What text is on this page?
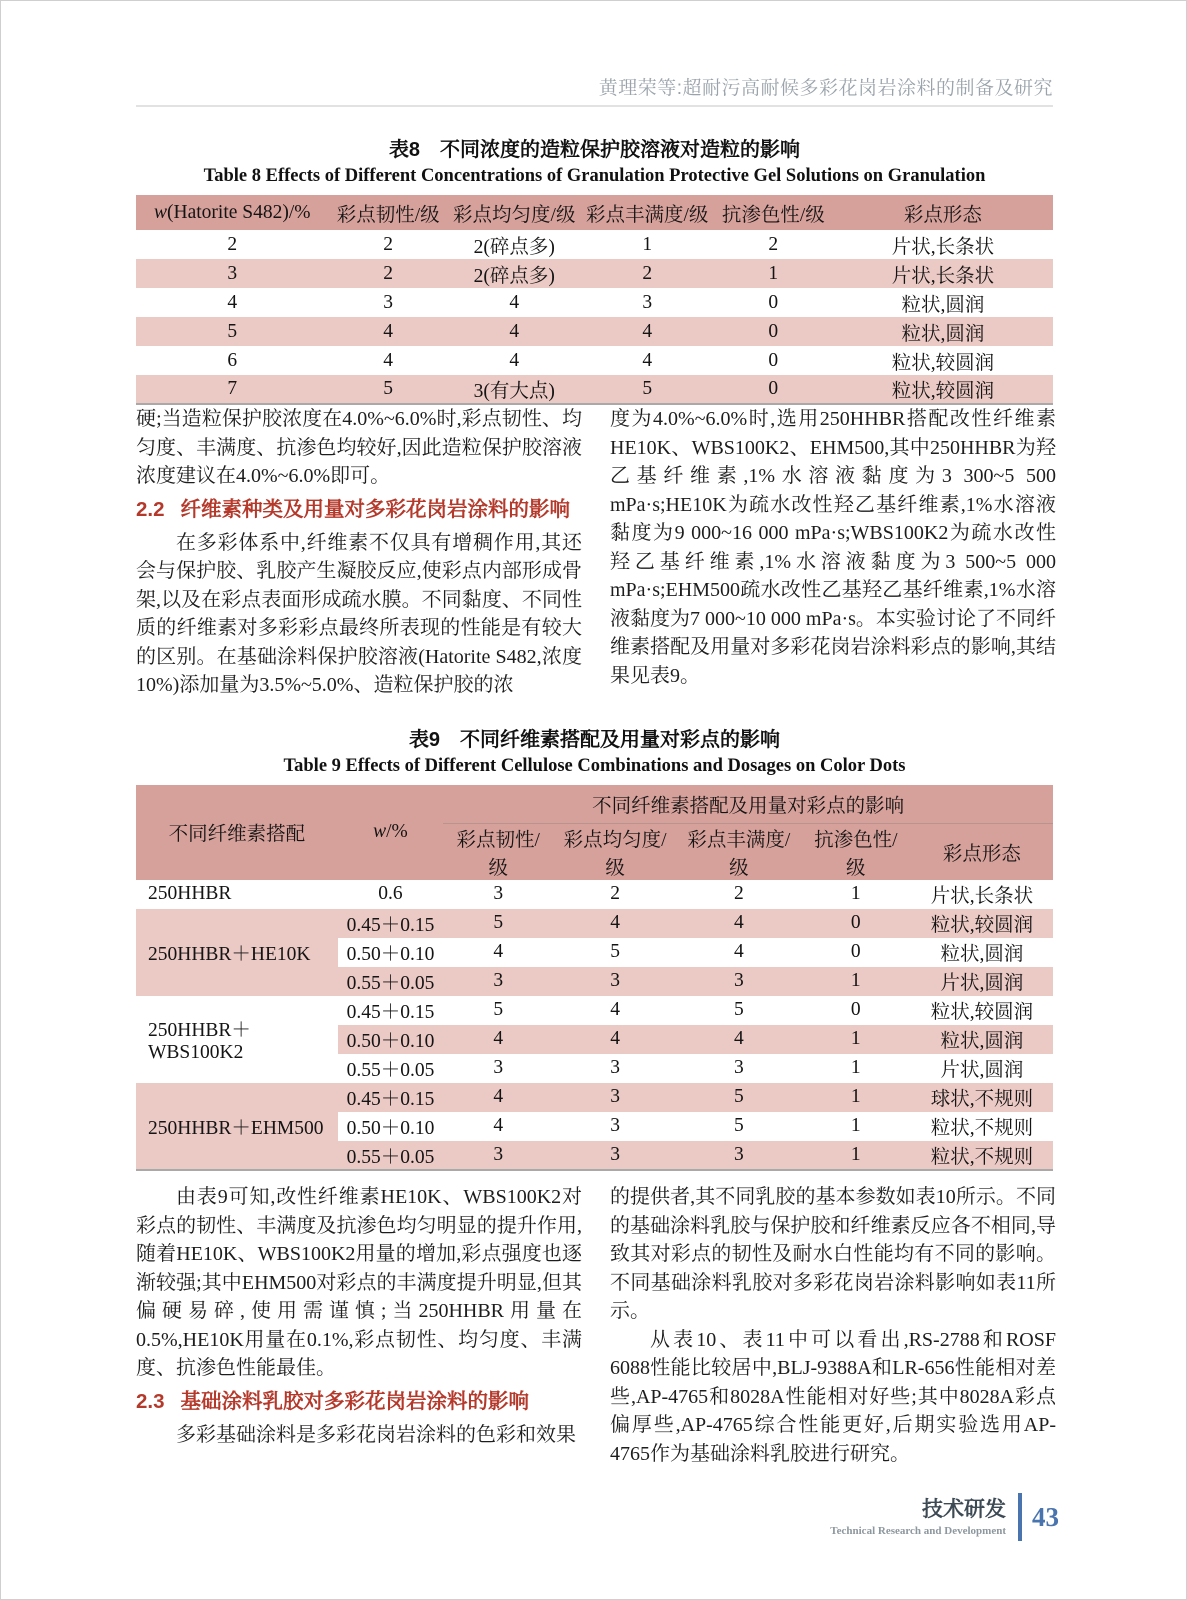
黄理荣等:超耐污高耐候多彩花岗岩涂料的制备及研究
表8　不同浓度的造粒保护胶溶液对造粒的影响
Table 8 Effects of Different Concentrations of Granulation Protective Gel Solutions on Granulation
w(Hatorite S482)/%	彩点韧性/级	彩点均匀度/级	彩点丰满度/级	抗渗色性/级	彩点形态
2	2	2(碎点多)	1	2	片状,长条状
3	2	2(碎点多)	2	1	片状,长条状
4	3	4	3	0	粒状,圆润
5	4	4	4	0	粒状,圆润
6	4	4	4	0	粒状,较圆润
7	5	3(有大点)	5	0	粒状,较圆润

硬;当造粒保护胶浓度在4.0%~6.0%时,彩点韧性、均匀度、丰满度、抗渗色均较好,因此造粒保护胶溶液浓度建议在4.0%~6.0%即可。

2.2 纤维素种类及用量对多彩花岗岩涂料的影响

在多彩体系中,纤维素不仅具有增稠作用,其还会与保护胶、乳胶产生凝胶反应,使彩点内部形成骨架,以及在彩点表面形成疏水膜。不同黏度、不同性质的纤维素对多彩彩点最终所表现的性能是有较大的区别。在基础涂料保护胶溶液(Hatorite S482,浓度10%)添加量为3.5%~5.0%、造粒保护胶的浓

度为4.0%~6.0%时,选用250HHBR搭配改性纤维素HE10K、WBS100K2、EHM500,其中250HHBR为羟乙基纤维素,1%水溶液黏度为3 300~5 500 mPa·s;HE10K为疏水改性羟乙基纤维素,1%水溶液黏度为9 000~16 000 mPa·s;WBS100K2为疏水改性羟乙基纤维素,1%水溶液黏度为3 500~5 000 mPa·s;EHM500疏水改性乙基羟乙基纤维素,1%水溶液黏度为7 000~10 000 mPa·s。本实验讨论了不同纤维素搭配及用量对多彩花岗岩涂料彩点的影响,其结果见表9。

表9　不同纤维素搭配及用量对彩点的影响
Table 9 Effects of Different Cellulose Combinations and Dosages on Color Dots
不同纤维素搭配	w/%	不同纤维素搭配及用量对彩点的影响				
		彩点韧性/级	彩点均匀度/级	彩点丰满度/级	抗渗色性/级	彩点形态
250HHBR	0.6	3	2	2	1	片状,长条状
250HHBR＋HE10K	0.45＋0.15	5	4	4	0	粒状,较圆润
	0.50＋0.10	4	5	4	0	粒状,圆润
	0.55＋0.05	3	3	3	1	片状,圆润
250HHBR＋WBS100K2	0.45＋0.15	5	4	5	0	粒状,较圆润
	0.50＋0.10	4	4	4	1	粒状,圆润
	0.55＋0.05	3	3	3	1	片状,圆润
250HHBR＋EHM500	0.45＋0.15	4	3	5	1	球状,不规则
	0.50＋0.10	4	3	5	1	粒状,不规则
	0.55＋0.05	3	3	3	1	粒状,不规则

由表9可知,改性纤维素HE10K、WBS100K2对彩点的韧性、丰满度及抗渗色均匀明显的提升作用,随着HE10K、WBS100K2用量的增加,彩点强度也逐渐较强;其中EHM500对彩点的丰满度提升明显,但其偏硬易碎,使用需谨慎;当250HHBR用量在0.5%,HE10K用量在0.1%,彩点韧性、均匀度、丰满度、抗渗色性能最佳。

2.3 基础涂料乳胶对多彩花岗岩涂料的影响

多彩基础涂料是多彩花岗岩涂料的色彩和效果

的提供者,其不同乳胶的基本参数如表10所示。不同的基础涂料乳胶与保护胶和纤维素反应各不相同,导致其对彩点的韧性及耐水白性能均有不同的影响。不同基础涂料乳胶对多彩花岗岩涂料影响如表11所示。

从表10、表11中可以看出,RS-2788和ROSF 6088性能比较居中,BLJ-9388A和LR-656性能相对差些,AP-4765和8028A性能相对好些;其中8028A彩点偏厚些,AP-4765综合性能更好,后期实验选用AP-4765作为基础涂料乳胶进行研究。

技术研发
Technical Research and Development 43
